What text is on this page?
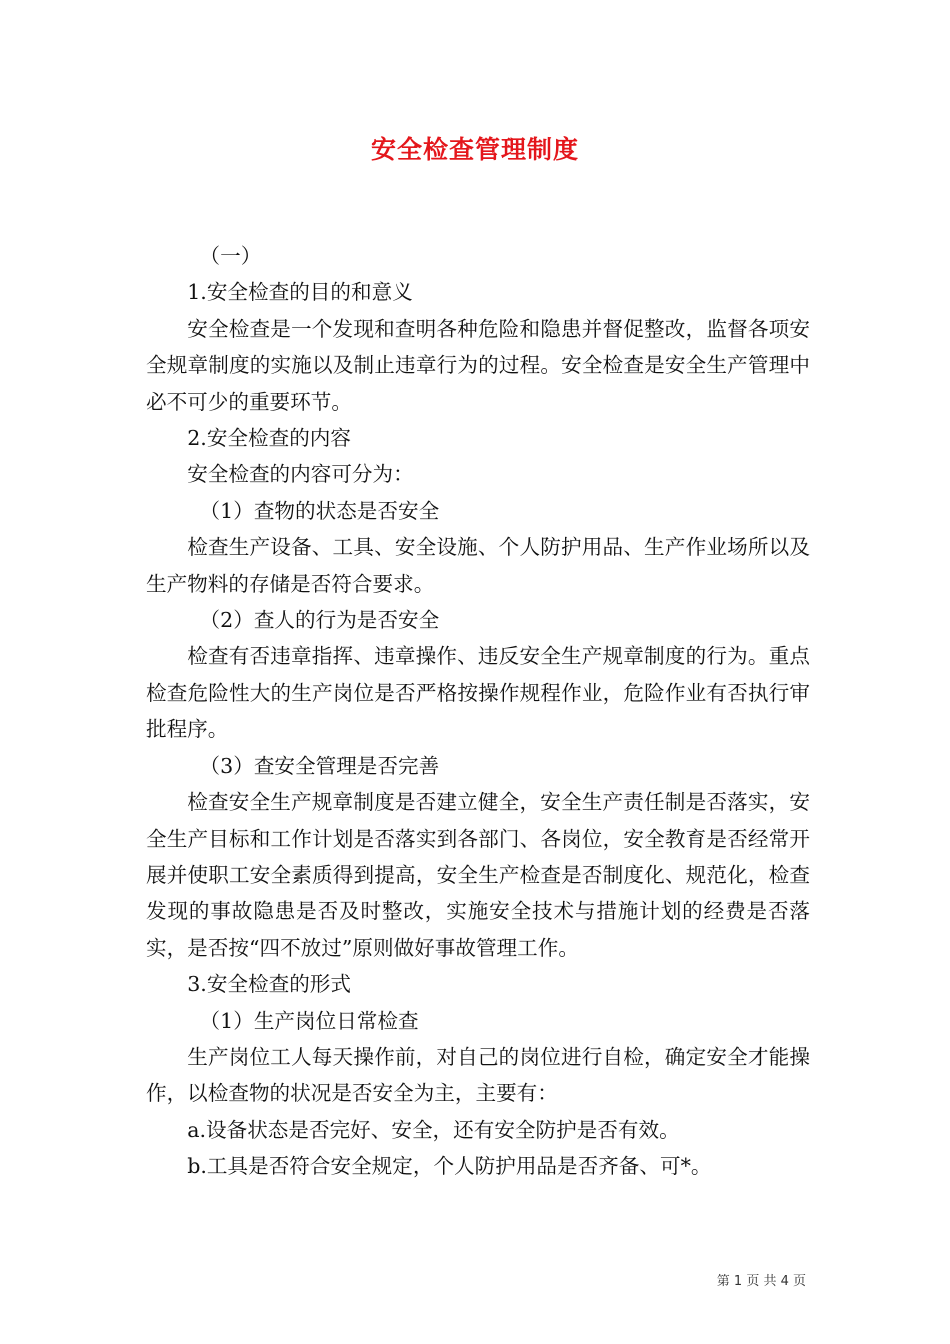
安全检查管理制度

（一）

1.安全检查的目的和意义

安全检查是一个发现和查明各种危险和隐患并督促整改，监督各项安全规章制度的实施以及制止违章行为的过程。安全检查是安全生产管理中必不可少的重要环节。

2.安全检查的内容

安全检查的内容可分为：

（1）查物的状态是否安全

检查生产设备、工具、安全设施、个人防护用品、生产作业场所以及生产物料的存储是否符合要求。

（2）查人的行为是否安全

检查有否违章指挥、违章操作、违反安全生产规章制度的行为。重点检查危险性大的生产岗位是否严格按操作规程作业，危险作业有否执行审批程序。

（3）查安全管理是否完善

检查安全生产规章制度是否建立健全，安全生产责任制是否落实，安全生产目标和工作计划是否落实到各部门、各岗位，安全教育是否经常开展并使职工安全素质得到提高，安全生产检查是否制度化、规范化，检查发现的事故隐患是否及时整改，实施安全技术与措施计划的经费是否落实，是否按“四不放过”原则做好事故管理工作。

3.安全检查的形式

（1）生产岗位日常检查

生产岗位工人每天操作前，对自己的岗位进行自检，确定安全才能操作，以检查物的状况是否安全为主，主要有：

a.设备状态是否完好、安全，还有安全防护是否有效。

b.工具是否符合安全规定，个人防护用品是否齐备、可*。

第 1 页 共 4 页
